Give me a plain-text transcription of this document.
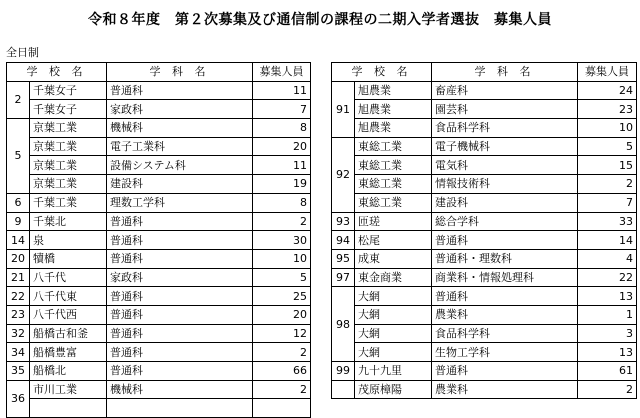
令和８年度　第２次募集及び通信制の課程の二期入学者選抜　募集人員
全日制
学 校 名		学 科 名	募集人員
2	千葉女子	普通科	11
	千葉女子	家政科	7
5	京葉工業	機械科	8
	京葉工業	電子工業科	20
	京葉工業	設備システム科	11
	京葉工業	建設科	19
6	千葉工業	理数工学科	8
9	千葉北	普通科	2
14	泉	普通科	30
20	犢橋	普通科	10
21	八千代	家政科	5
22	八千代東	普通科	25
23	八千代西	普通科	20
32	船橋古和釜	普通科	12
34	船橋豊富	普通科	2
35	船橋北	普通科	66
36	市川工業	機械科	2

学 校 名		学 科 名	募集人員
91	旭農業	畜産科	24
	旭農業	園芸科	23
	旭農業	食品科学科	10
92	東総工業	電子機械科	5
	東総工業	電気科	15
	東総工業	情報技術科	2
	東総工業	建設科	7
93	匝瑳	総合学科	33
94	松尾	普通科	14
95	成東	普通科・理数科	4
97	東金商業	商業科・情報処理科	22
98	大網	普通科	13
	大網	農業科	1
	大網	食品科学科	3
	大網	生物工学科	13
99	九十九里	普通科	61
	茂原樟陽	農業科	2
